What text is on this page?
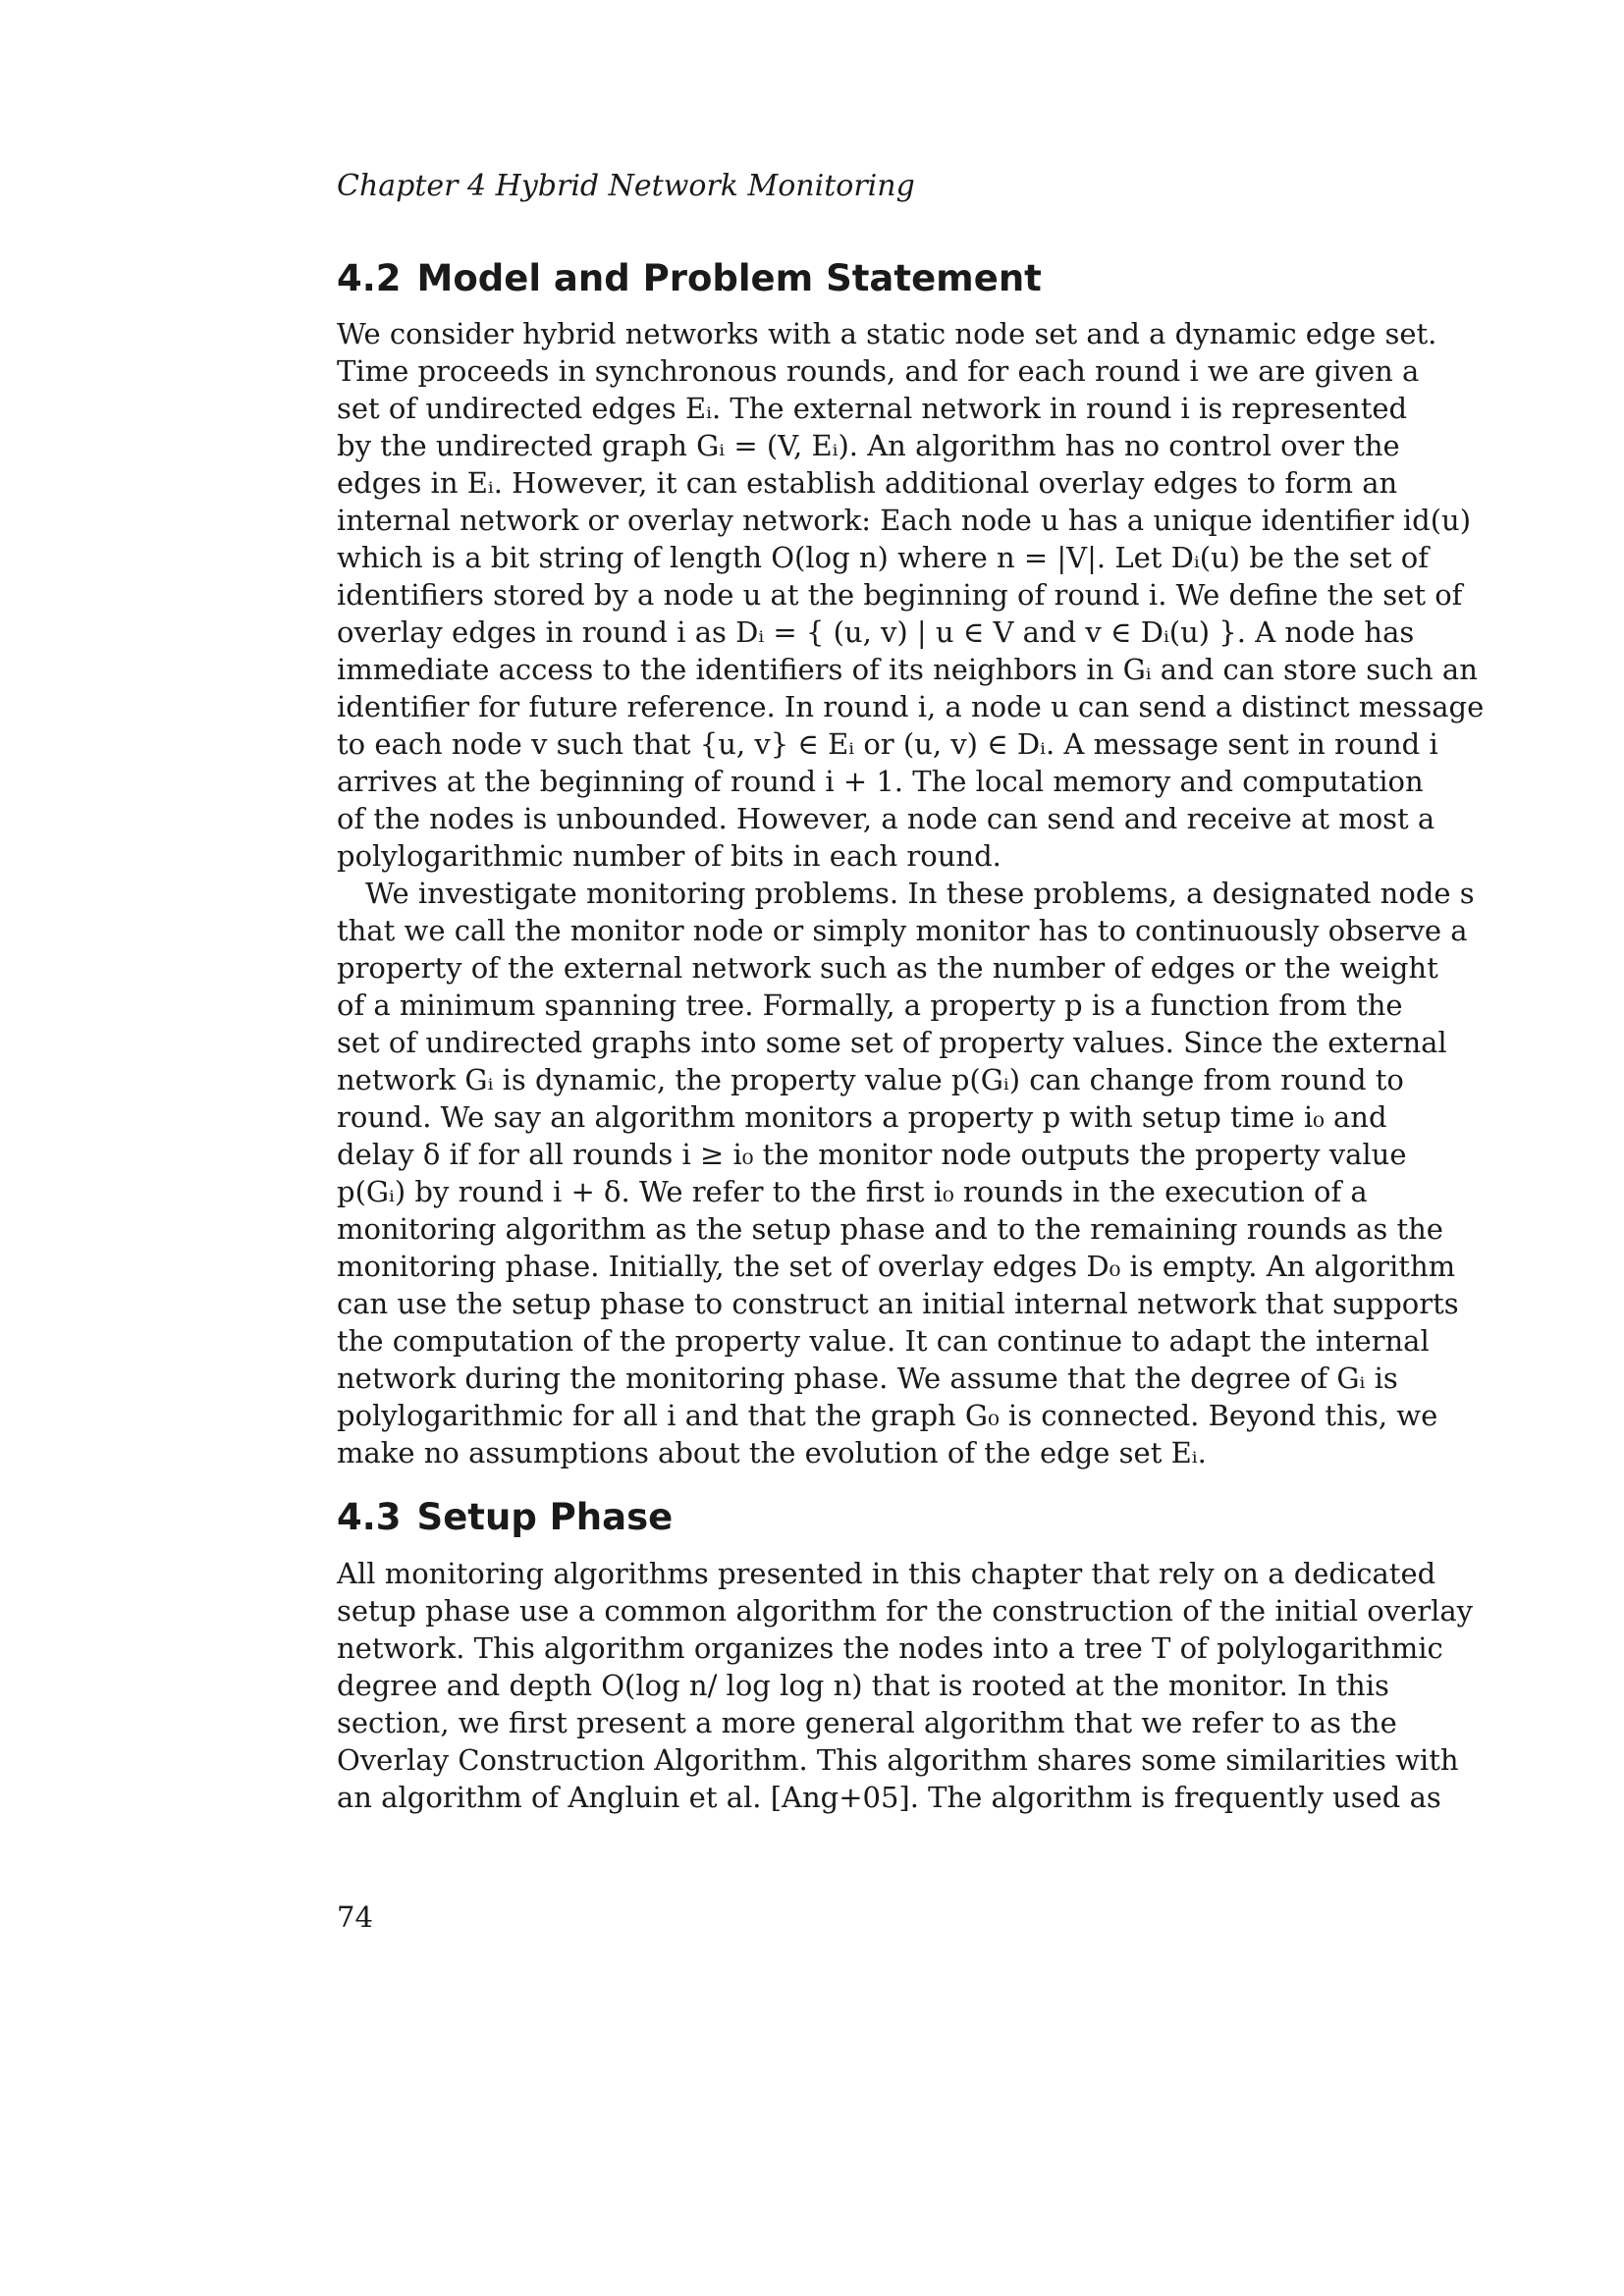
Chapter 4 Hybrid Network Monitoring
4.2 Model and Problem Statement
We consider hybrid networks with a static node set and a dynamic edge set.
Time proceeds in synchronous rounds, and for each round i we are given a
set of undirected edges Eᵢ. The external network in round i is represented
by the undirected graph Gᵢ = (V, Eᵢ). An algorithm has no control over the
edges in Eᵢ. However, it can establish additional overlay edges to form an
internal network or overlay network: Each node u has a unique identifier id(u)
which is a bit string of length O(log n) where n = |V|. Let Dᵢ(u) be the set of
identifiers stored by a node u at the beginning of round i. We define the set of
overlay edges in round i as Dᵢ = { (u, v) | u ∈ V and v ∈ Dᵢ(u) }. A node has
immediate access to the identifiers of its neighbors in Gᵢ and can store such an
identifier for future reference. In round i, a node u can send a distinct message
to each node v such that {u, v} ∈ Eᵢ or (u, v) ∈ Dᵢ. A message sent in round i
arrives at the beginning of round i + 1. The local memory and computation
of the nodes is unbounded. However, a node can send and receive at most a
polylogarithmic number of bits in each round.
We investigate monitoring problems. In these problems, a designated node s
that we call the monitor node or simply monitor has to continuously observe a
property of the external network such as the number of edges or the weight
of a minimum spanning tree. Formally, a property p is a function from the
set of undirected graphs into some set of property values. Since the external
network Gᵢ is dynamic, the property value p(Gᵢ) can change from round to
round. We say an algorithm monitors a property p with setup time i₀ and
delay δ if for all rounds i ≥ i₀ the monitor node outputs the property value
p(Gᵢ) by round i + δ. We refer to the first i₀ rounds in the execution of a
monitoring algorithm as the setup phase and to the remaining rounds as the
monitoring phase. Initially, the set of overlay edges D₀ is empty. An algorithm
can use the setup phase to construct an initial internal network that supports
the computation of the property value. It can continue to adapt the internal
network during the monitoring phase. We assume that the degree of Gᵢ is
polylogarithmic for all i and that the graph G₀ is connected. Beyond this, we
make no assumptions about the evolution of the edge set Eᵢ.
4.3 Setup Phase
All monitoring algorithms presented in this chapter that rely on a dedicated
setup phase use a common algorithm for the construction of the initial overlay
network. This algorithm organizes the nodes into a tree T of polylogarithmic
degree and depth O(log n/ log log n) that is rooted at the monitor. In this
section, we first present a more general algorithm that we refer to as the
Overlay Construction Algorithm. This algorithm shares some similarities with
an algorithm of Angluin et al. [Ang+05]. The algorithm is frequently used as
74
